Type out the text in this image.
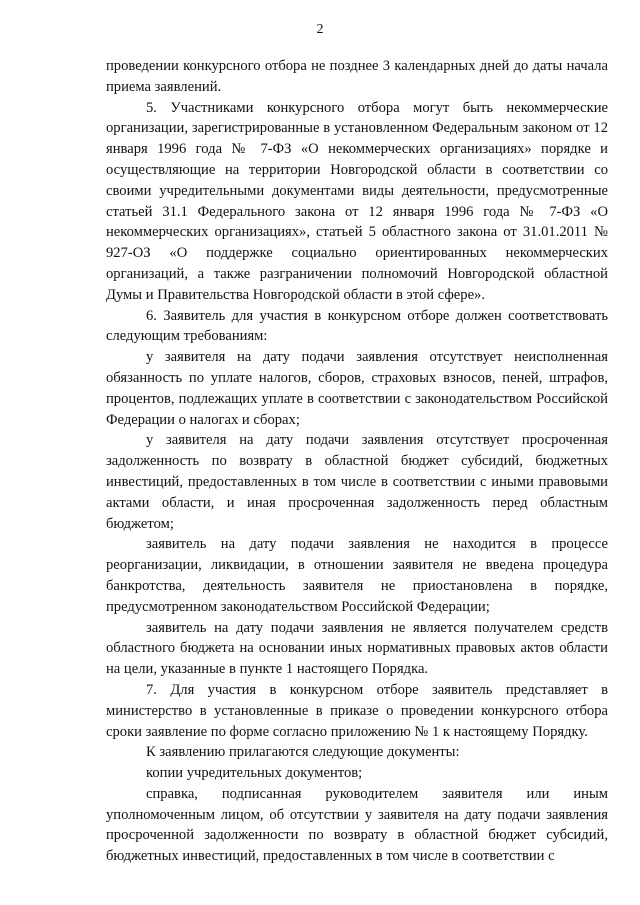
2

проведении конкурсного отбора не позднее 3 календарных дней до даты начала приема заявлений.

5. Участниками конкурсного отбора могут быть некоммерческие организации, зарегистрированные в установленном Федеральным законом от 12 января 1996 года № 7-ФЗ «О некоммерческих организациях» порядке и осуществляющие на территории Новгородской области в соответствии со своими учредительными документами виды деятельности, предусмотренные статьей 31.1 Федерального закона от 12 января 1996 года № 7-ФЗ «О некоммерческих организациях», статьей 5 областного закона от 31.01.2011 № 927-ОЗ «О поддержке социально ориентированных некоммерческих организаций, а также разграничении полномочий Новгородской областной Думы и Правительства Новгородской области в этой сфере».

6. Заявитель для участия в конкурсном отборе должен соответствовать следующим требованиям:

у заявителя на дату подачи заявления отсутствует неисполненная обязанность по уплате налогов, сборов, страховых взносов, пеней, штрафов, процентов, подлежащих уплате в соответствии с законодательством Российской Федерации о налогах и сборах;

у заявителя на дату подачи заявления отсутствует просроченная задолженность по возврату в областной бюджет субсидий, бюджетных инвестиций, предоставленных в том числе в соответствии с иными правовыми актами области, и иная просроченная задолженность перед областным бюджетом;

заявитель на дату подачи заявления не находится в процессе реорганизации, ликвидации, в отношении заявителя не введена процедура банкротства, деятельность заявителя не приостановлена в порядке, предусмотренном законодательством Российской Федерации;

заявитель на дату подачи заявления не является получателем средств областного бюджета на основании иных нормативных правовых актов области на цели, указанные в пункте 1 настоящего Порядка.

7. Для участия в конкурсном отборе заявитель представляет в министерство в установленные в приказе о проведении конкурсного отбора сроки заявление по форме согласно приложению № 1 к настоящему Порядку.

К заявлению прилагаются следующие документы:

копии учредительных документов;

справка, подписанная руководителем заявителя или иным уполномоченным лицом, об отсутствии у заявителя на дату подачи заявления просроченной задолженности по возврату в областной бюджет субсидий, бюджетных инвестиций, предоставленных в том числе в соответствии с
